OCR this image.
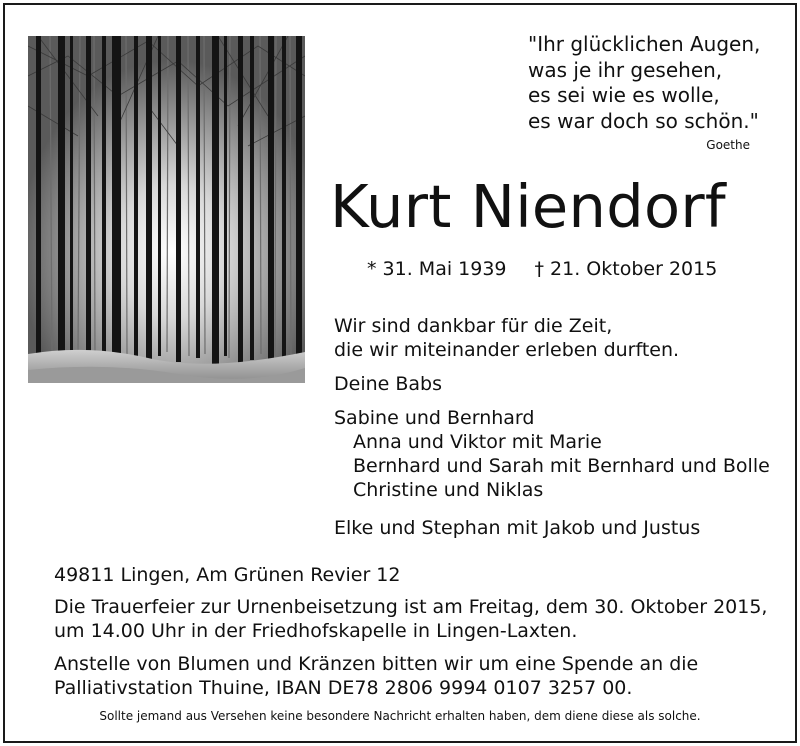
"Ihr glücklichen Augen,
was je ihr gesehen,
es sei wie es wolle,
es war doch so schön."
Goethe
Kurt Niendorf
* 31. Mai 1939 † 21. Oktober 2015
Wir sind dankbar für die Zeit,
die wir miteinander erleben durften.
Deine Babs
Sabine und Bernhard
Anna und Viktor mit Marie
Bernhard und Sarah mit Bernhard und Bolle
Christine und Niklas
Elke und Stephan mit Jakob und Justus
49811 Lingen, Am Grünen Revier 12
Die Trauerfeier zur Urnenbeisetzung ist am Freitag, dem 30. Oktober 2015,
um 14.00 Uhr in der Friedhofskapelle in Lingen-Laxten.
Anstelle von Blumen und Kränzen bitten wir um eine Spende an die
Palliativstation Thuine, IBAN DE78 2806 9994 0107 3257 00.
Sollte jemand aus Versehen keine besondere Nachricht erhalten haben, dem diene diese als solche.
